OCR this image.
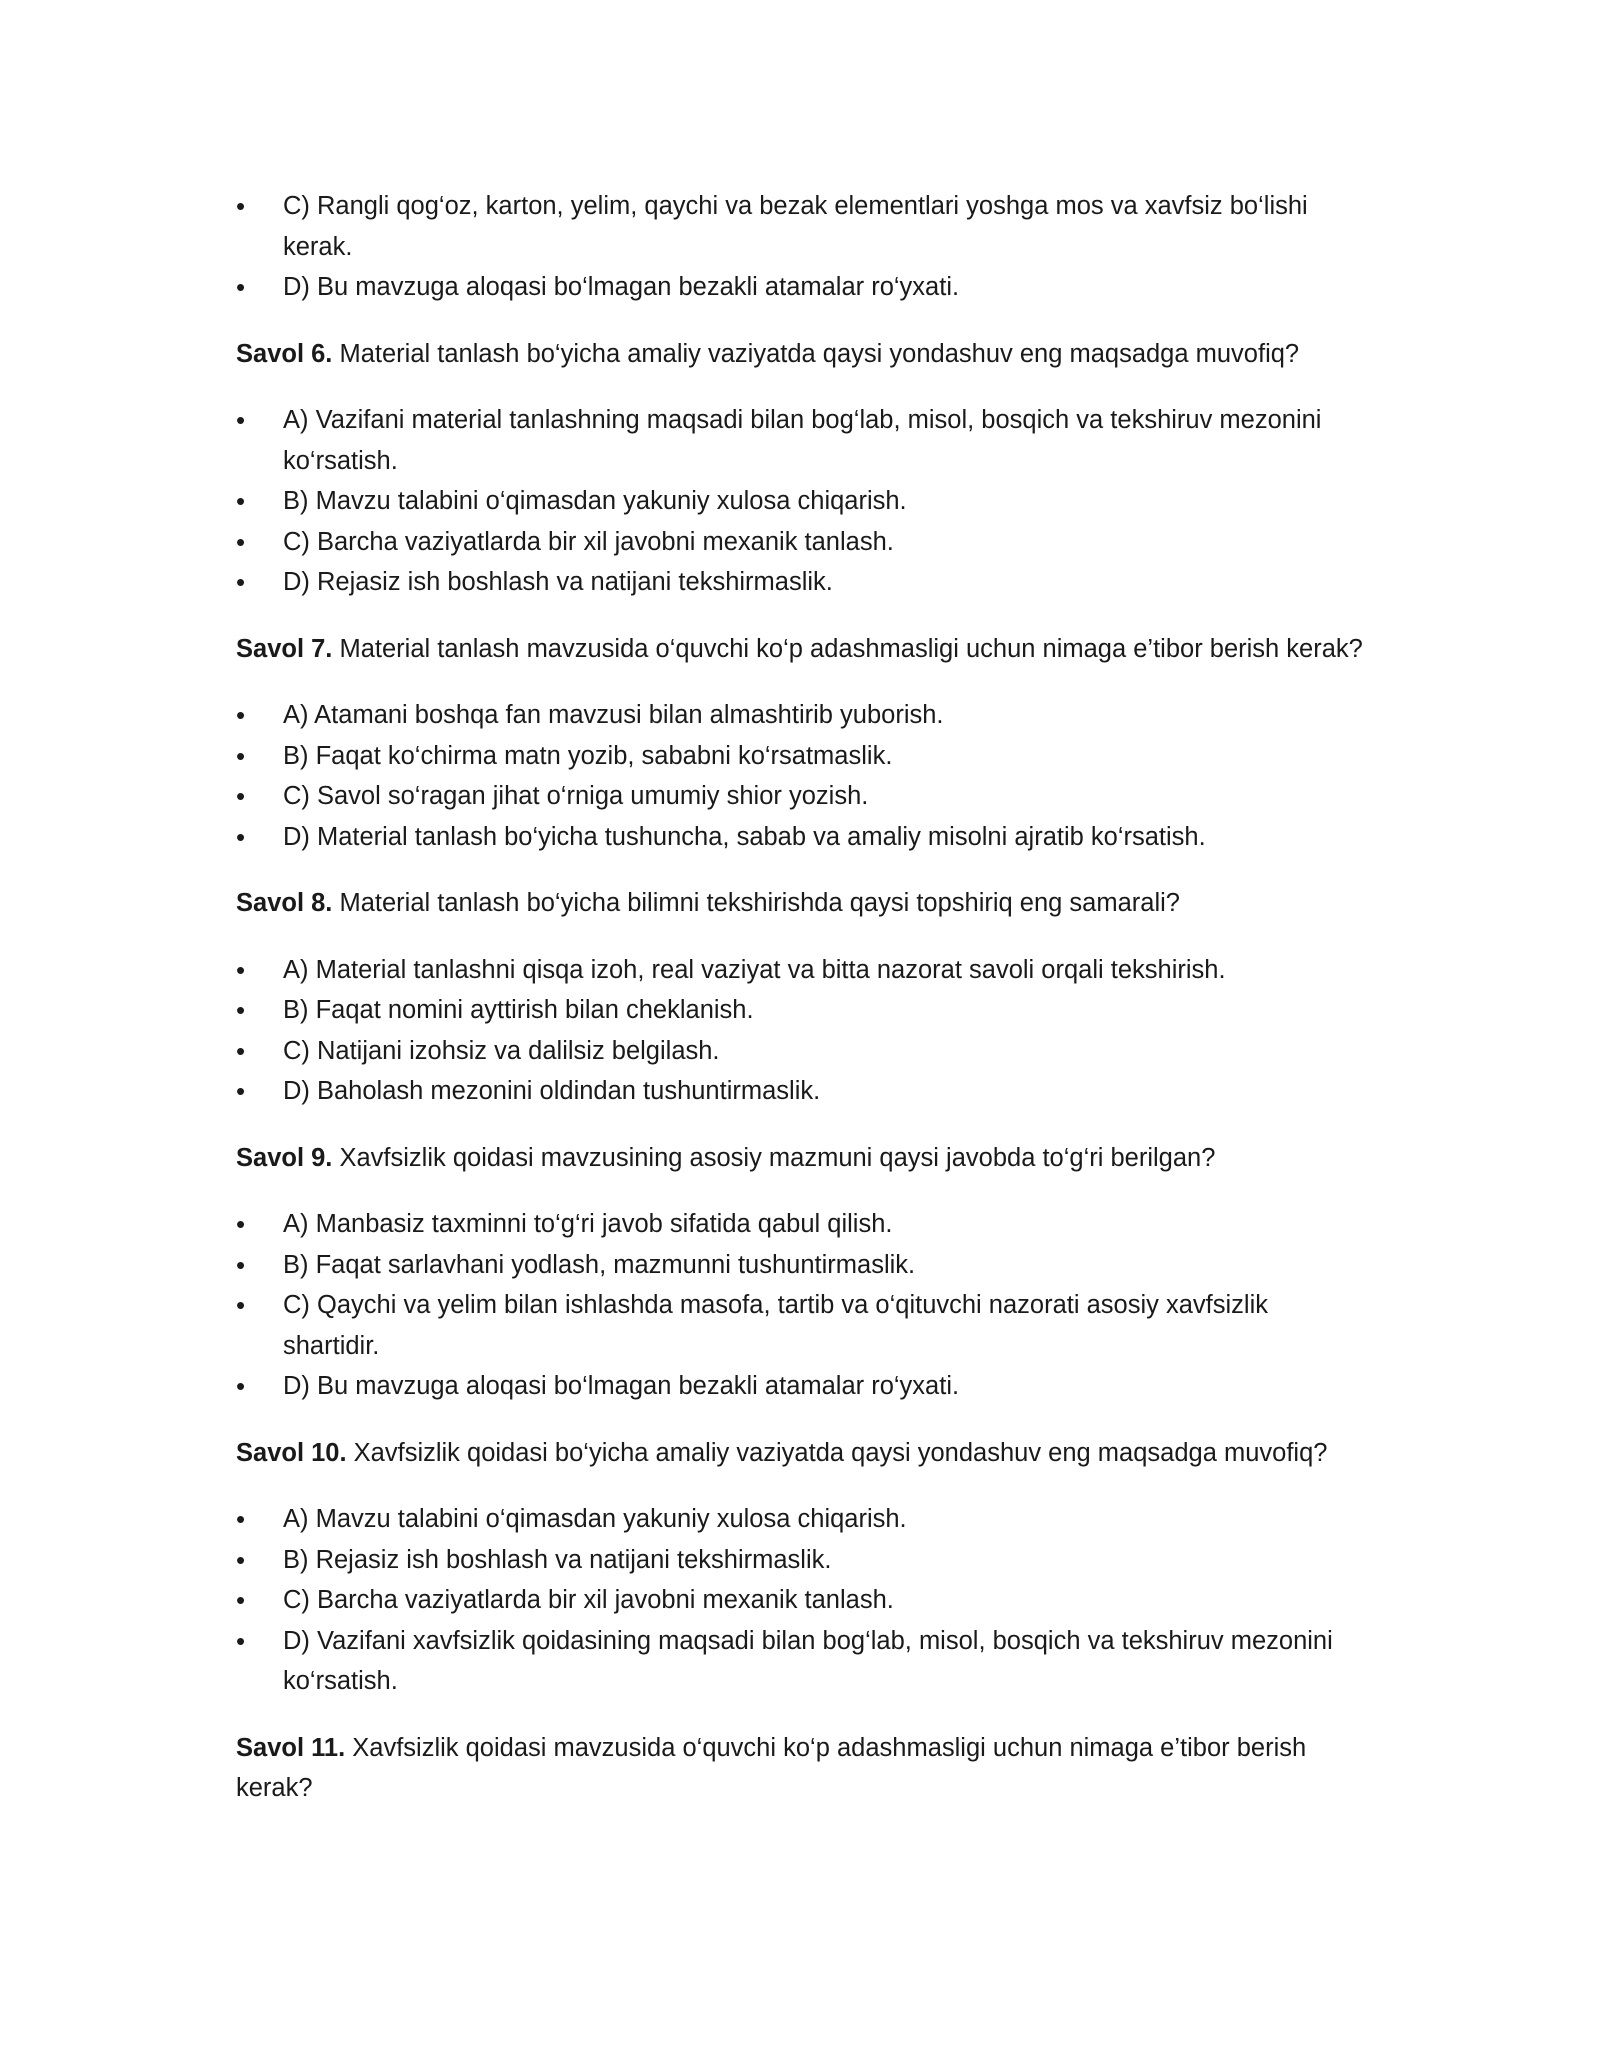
•	C) Rangli qog‘oz, karton, yelim, qaychi va bezak elementlari yoshga mos va xavfsiz bo‘lishi kerak.
•	D) Bu mavzuga aloqasi bo‘lmagan bezakli atamalar ro‘yxati.

Savol 6. Material tanlash bo‘yicha amaliy vaziyatda qaysi yondashuv eng maqsadga muvofiq?

•	A) Vazifani material tanlashning maqsadi bilan bog‘lab, misol, bosqich va tekshiruv mezonini ko‘rsatish.
•	B) Mavzu talabini o‘qimasdan yakuniy xulosa chiqarish.
•	C) Barcha vaziyatlarda bir xil javobni mexanik tanlash.
•	D) Rejasiz ish boshlash va natijani tekshirmaslik.

Savol 7. Material tanlash mavzusida o‘quvchi ko‘p adashmasligi uchun nimaga e’tibor berish kerak?

•	A) Atamani boshqa fan mavzusi bilan almashtirib yuborish.
•	B) Faqat ko‘chirma matn yozib, sababni ko‘rsatmaslik.
•	C) Savol so‘ragan jihat o‘rniga umumiy shior yozish.
•	D) Material tanlash bo‘yicha tushuncha, sabab va amaliy misolni ajratib ko‘rsatish.

Savol 8. Material tanlash bo‘yicha bilimni tekshirishda qaysi topshiriq eng samarali?

•	A) Material tanlashni qisqa izoh, real vaziyat va bitta nazorat savoli orqali tekshirish.
•	B) Faqat nomini ayttirish bilan cheklanish.
•	C) Natijani izohsiz va dalilsiz belgilash.
•	D) Baholash mezonini oldindan tushuntirmaslik.

Savol 9. Xavfsizlik qoidasi mavzusining asosiy mazmuni qaysi javobda to‘g‘ri berilgan?

•	A) Manbasiz taxminni to‘g‘ri javob sifatida qabul qilish.
•	B) Faqat sarlavhani yodlash, mazmunni tushuntirmaslik.
•	C) Qaychi va yelim bilan ishlashda masofa, tartib va o‘qituvchi nazorati asosiy xavfsizlik shartidir.
•	D) Bu mavzuga aloqasi bo‘lmagan bezakli atamalar ro‘yxati.

Savol 10. Xavfsizlik qoidasi bo‘yicha amaliy vaziyatda qaysi yondashuv eng maqsadga muvofiq?

•	A) Mavzu talabini o‘qimasdan yakuniy xulosa chiqarish.
•	B) Rejasiz ish boshlash va natijani tekshirmaslik.
•	C) Barcha vaziyatlarda bir xil javobni mexanik tanlash.
•	D) Vazifani xavfsizlik qoidasining maqsadi bilan bog‘lab, misol, bosqich va tekshiruv mezonini ko‘rsatish.

Savol 11. Xavfsizlik qoidasi mavzusida o‘quvchi ko‘p adashmasligi uchun nimaga e’tibor berish kerak?
